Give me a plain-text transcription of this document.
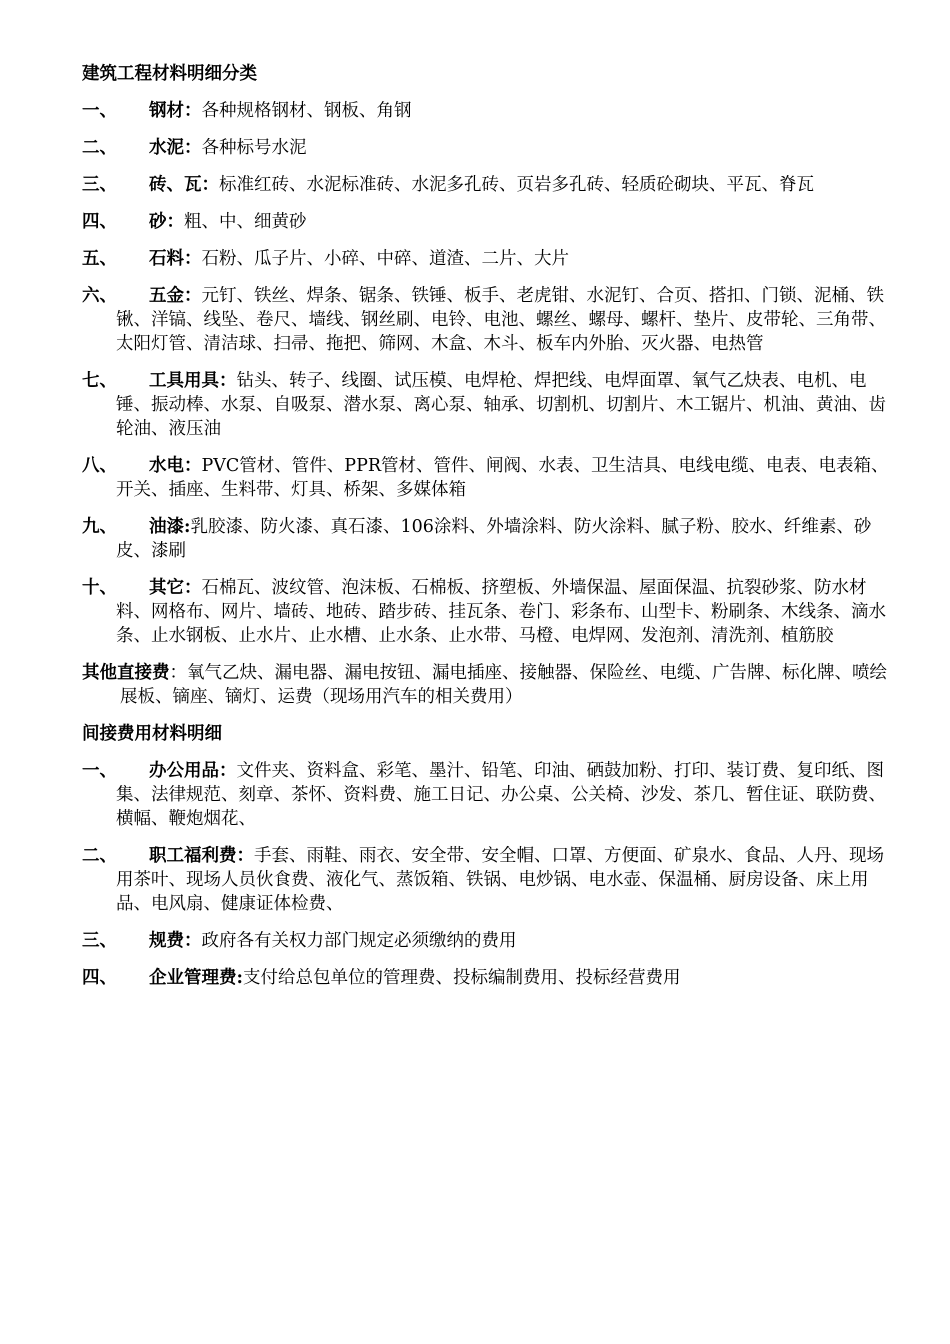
建筑工程材料明细分类
一、 钢材：各种规格钢材、钢板、角钢
二、 水泥：各种标号水泥
三、 砖、瓦：标准红砖、水泥标准砖、水泥多孔砖、页岩多孔砖、轻质砼砌块、平瓦、脊瓦
四、 砂：粗、中、细黄砂
五、 石料：石粉、瓜子片、小碎、中碎、道渣、二片、大片
六、 五金：元钉、铁丝、焊条、锯条、铁锤、板手、老虎钳、水泥钉、合页、搭扣、门锁、泥桶、铁锹、洋镐、线坠、卷尺、墙线、钢丝刷、电铃、电池、螺丝、螺母、螺杆、垫片、皮带轮、三角带、太阳灯管、清洁球、扫帚、拖把、筛网、木盒、木斗、板车内外胎、灭火器、电热管
七、 工具用具：钻头、转子、线圈、试压模、电焊枪、焊把线、电焊面罩、氧气乙炔表、电机、电锤、振动棒、水泵、自吸泵、潜水泵、离心泵、轴承、切割机、切割片、木工锯片、机油、黄油、齿轮油、液压油
八、 水电：PVC管材、管件、PPR管材、管件、闸阀、水表、卫生洁具、电线电缆、电表、电表箱、开关、插座、生料带、灯具、桥架、多媒体箱
九、 油漆:乳胶漆、防火漆、真石漆、106涂料、外墙涂料、防火涂料、腻子粉、胶水、纤维素、砂皮、漆刷
十、 其它：石棉瓦、波纹管、泡沫板、石棉板、挤塑板、外墙保温、屋面保温、抗裂砂浆、防水材料、网格布、网片、墙砖、地砖、踏步砖、挂瓦条、卷门、彩条布、山型卡、粉刷条、木线条、滴水条、止水钢板、止水片、止水槽、止水条、止水带、马橙、电焊网、发泡剂、清洗剂、植筋胶
其他直接费：氧气乙炔、漏电器、漏电按钮、漏电插座、接触器、保险丝、电缆、广告牌、标化牌、喷绘展板、镝座、镝灯、运费（现场用汽车的相关费用）
间接费用材料明细
一、 办公用品：文件夹、资料盒、彩笔、墨汁、铅笔、印油、硒鼓加粉、打印、装订费、复印纸、图集、法律规范、刻章、茶怀、资料费、施工日记、办公桌、公关椅、沙发、茶几、暂住证、联防费、横幅、鞭炮烟花、
二、 职工福利费：手套、雨鞋、雨衣、安全带、安全帽、口罩、方便面、矿泉水、食品、人丹、现场用茶叶、现场人员伙食费、液化气、蒸饭箱、铁锅、电炒锅、电水壶、保温桶、厨房设备、床上用品、电风扇、健康证体检费、
三、 规费：政府各有关权力部门规定必须缴纳的费用
四、 企业管理费:支付给总包单位的管理费、投标编制费用、投标经营费用
